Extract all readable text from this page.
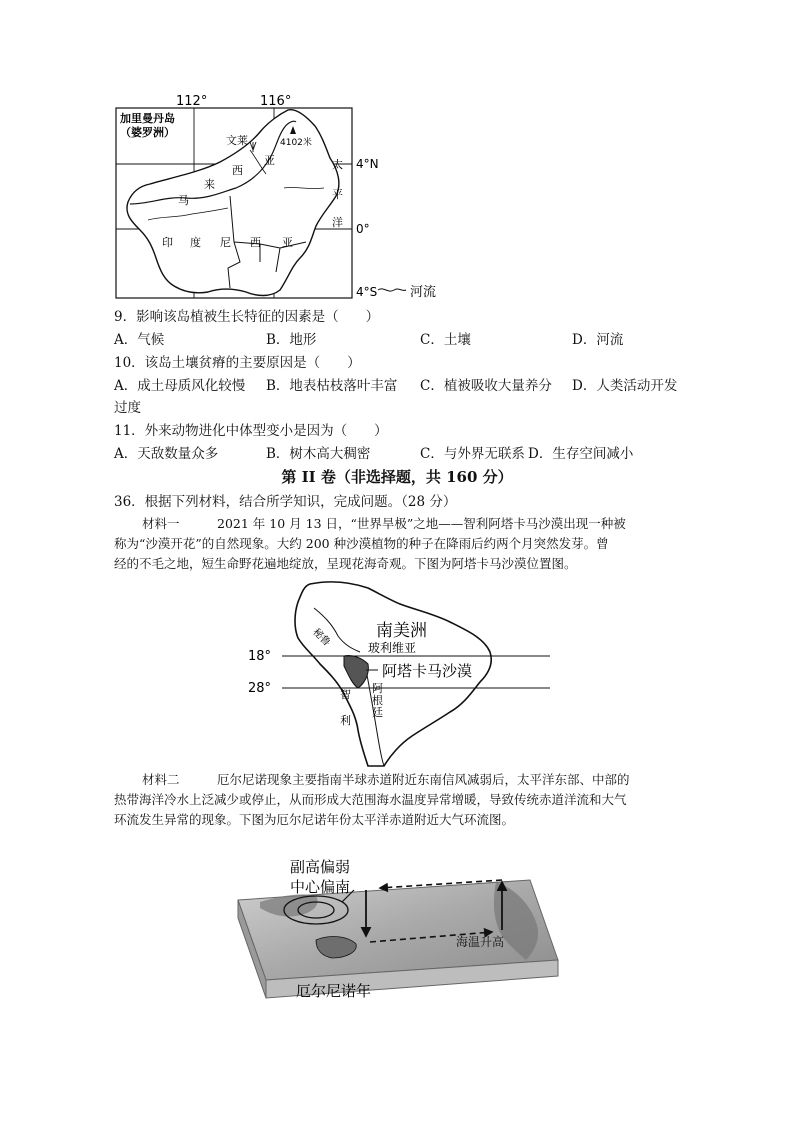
112°	116°
加里曼丹岛
（婆罗洲）
文莱	4102米
4°N
0°
4°S	河流
马
来
西
亚	太
平
洋
印 度 尼 西 亚
9．影响该岛植被生长特征的因素是（　　）
A．气候	B．地形	C．土壤	D．河流
10．该岛土壤贫瘠的主要原因是（　　）
A．成土母质风化较慢 B．地表枯枝落叶丰富 C．植被吸收大量养分 D．人类活动开发
过度
11．外来动物进化中体型变小是因为（　　）
A．天敌数量众多	B．树木高大稠密	C．与外界无联系 D．生存空间减小
第 II 卷（非选择题，共 160 分）
36．根据下列材料，结合所学知识，完成问题。（28 分）
材料一　　　2021 年 10 月 13 日，“世界旱极”之地——智利阿塔卡马沙漠出现一种被
称为“沙漠开花”的自然现象。大约 200 种沙漠植物的种子在降雨后约两个月突然发芽。曾
经的不毛之地，短生命野花遍地绽放，呈现花海奇观。下图为阿塔卡马沙漠位置图。
南美洲
18°
28°
秘鲁	玻利维亚
阿塔卡马沙漠
智
利
阿
根
廷
材料二　　　厄尔尼诺现象主要指南半球赤道附近东南信风减弱后，太平洋东部、中部的
热带海洋冷水上泛减少或停止，从而形成大范围海水温度异常增暖，导致传统赤道洋流和大气
环流发生异常的现象。下图为厄尔尼诺年份太平洋赤道附近大气环流图。
副高偏弱
中心偏南
海温升高
厄尔尼诺年
